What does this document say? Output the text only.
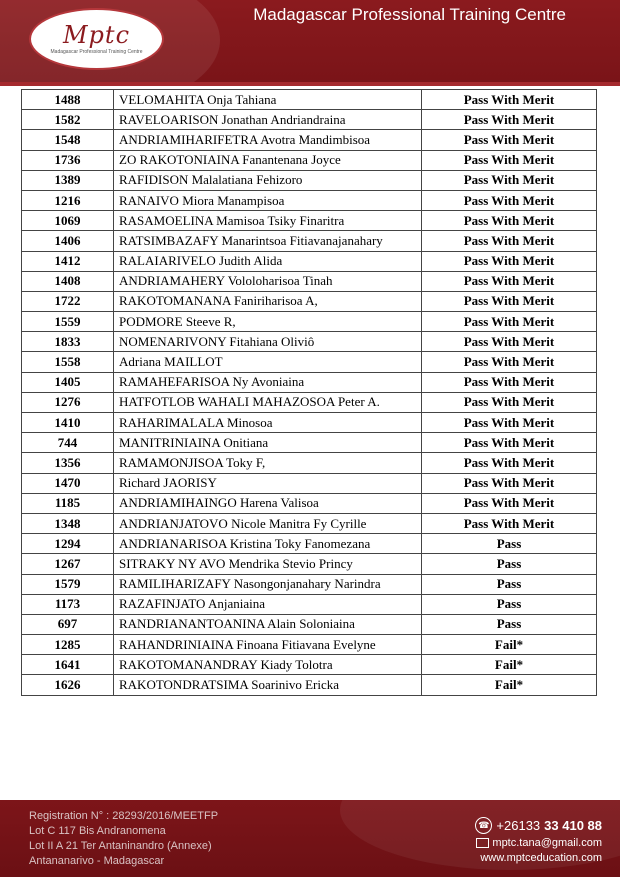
Mptc
Madagascar Professional Training Centre
Madagascar Professional Training Centre
1488	VELOMAHITA Onja Tahiana	Pass With Merit
1582	RAVELOARISON Jonathan Andriandraina	Pass With Merit
1548	ANDRIAMIHARIFETRA Avotra Mandimbisoa	Pass With Merit
1736	ZO RAKOTONIAINA Fanantenana Joyce	Pass With Merit
1389	RAFIDISON Malalatiana Fehizoro	Pass With Merit
1216	RANAIVO Miora Manampisoa	Pass With Merit
1069	RASAMOELINA Mamisoa Tsiky Finaritra	Pass With Merit
1406	RATSIMBAZAFY Manarintsoa Fitiavanajanahary	Pass With Merit
1412	RALAIARIVELO Judith Alida	Pass With Merit
1408	ANDRIAMAHERY Vololoharisoa Tinah	Pass With Merit
1722	RAKOTOMANANA Faniriharisoa A,	Pass With Merit
1559	PODMORE Steeve R,	Pass With Merit
1833	NOMENARIVONY Fitahiana Oliviô	Pass With Merit
1558	Adriana MAILLOT	Pass With Merit
1405	RAMAHEFARISOA Ny Avoniaina	Pass With Merit
1276	HATFOTLOB WAHALI MAHAZOSOA Peter A.	Pass With Merit
1410	RAHARIMALALA Minosoa	Pass With Merit
744	MANITRINIAINA Onitiana	Pass With Merit
1356	RAMAMONJISOA Toky F,	Pass With Merit
1470	Richard JAORISY	Pass With Merit
1185	ANDRIAMIHAINGO Harena Valisoa	Pass With Merit
1348	ANDRIANJATOVO Nicole Manitra Fy Cyrille	Pass With Merit
1294	ANDRIANARISOA Kristina Toky Fanomezana	Pass
1267	SITRAKY NY AVO Mendrika Stevio Princy	Pass
1579	RAMILIHARIZAFY Nasongonjanahary Narindra	Pass
1173	RAZAFINJATO Anjaniaina	Pass
697	RANDRIANANTOANINA Alain Soloniaina	Pass
1285	RAHANDRINIAINA Finoana Fitiavana Evelyne	Fail*
1641	RAKOTOMANANDRAY Kiady Tolotra	Fail*
1626	RAKOTONDRATSIMA Soarinivo Ericka	Fail*
Registration N° : 28293/2016/MEETFP
Lot C 117 Bis Andranomena
Lot II A 21 Ter Antaninandro (Annexe)
Antananarivo - Madagascar
☎ +26133 33 410 88
mptc.tana@gmail.com
www.mptceducation.com
